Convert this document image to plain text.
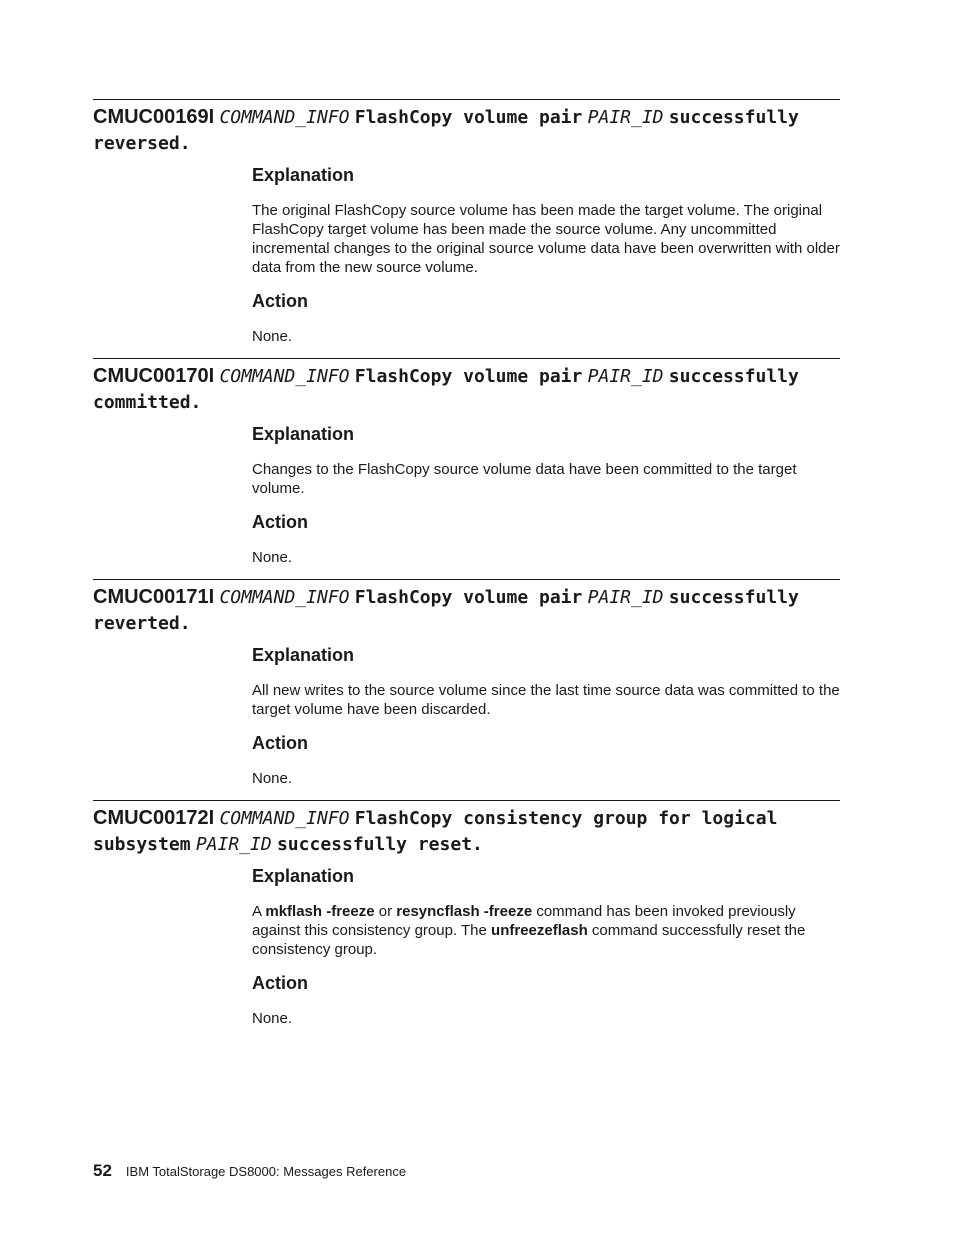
CMUC00169I COMMAND_INFO FlashCopy volume pair PAIR_ID successfully reversed.
Explanation

The original FlashCopy source volume has been made the target volume. The original FlashCopy target volume has been made the source volume. Any uncommitted incremental changes to the original source volume data have been overwritten with older data from the new source volume.

Action

None.

CMUC00170I COMMAND_INFO FlashCopy volume pair PAIR_ID successfully committed.
Explanation

Changes to the FlashCopy source volume data have been committed to the target volume.

Action

None.

CMUC00171I COMMAND_INFO FlashCopy volume pair PAIR_ID successfully reverted.
Explanation

All new writes to the source volume since the last time source data was committed to the target volume have been discarded.

Action

None.

CMUC00172I COMMAND_INFO FlashCopy consistency group for logical subsystem PAIR_ID successfully reset.
Explanation

A mkflash -freeze or resyncflash -freeze command has been invoked previously against this consistency group. The unfreezeflash command successfully reset the consistency group.

Action

None.

52 IBM TotalStorage DS8000: Messages Reference
